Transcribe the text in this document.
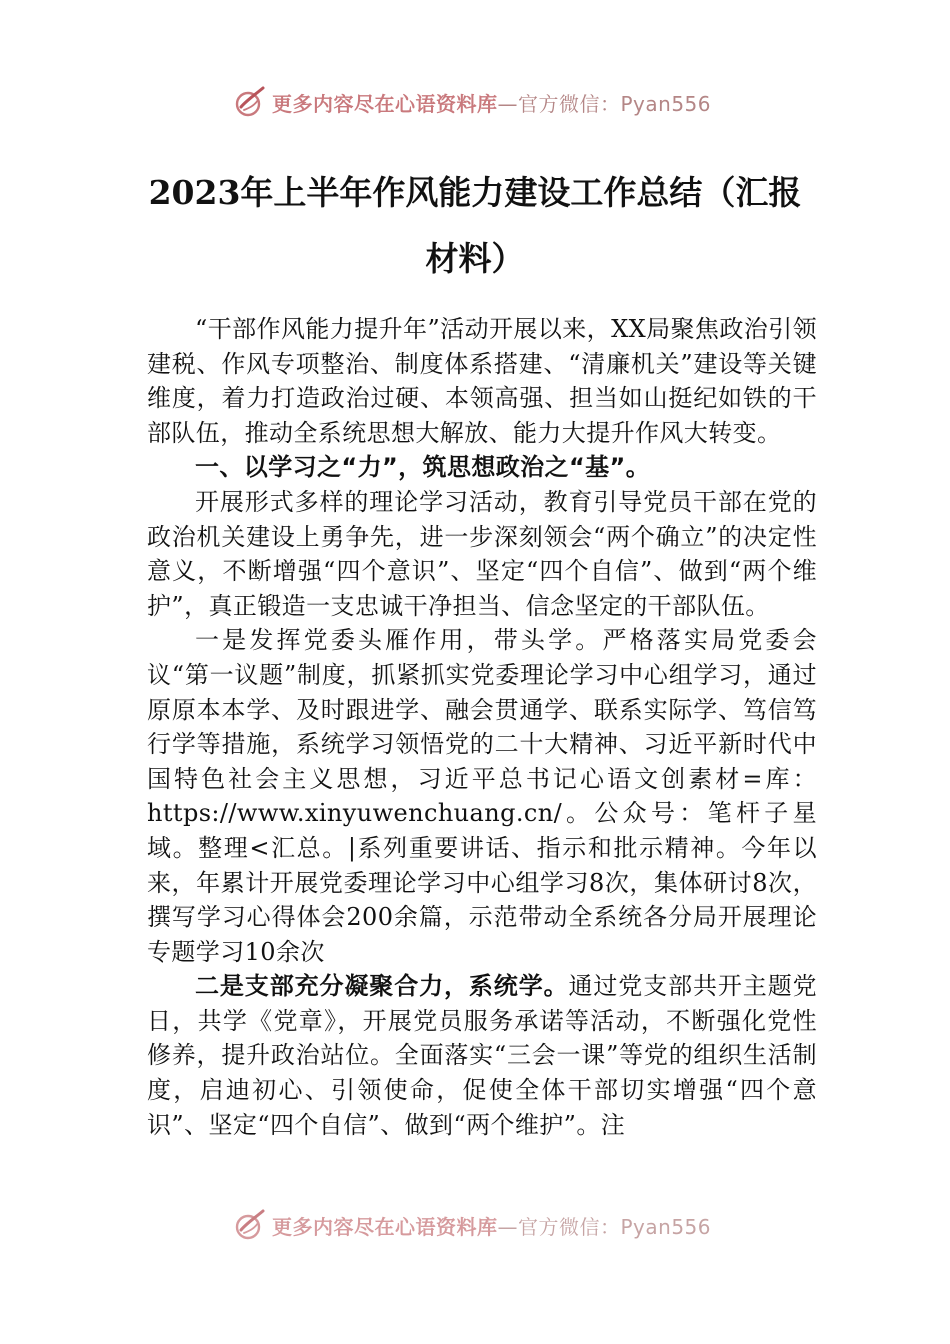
更多内容尽在心语资料库 —官方微信：Pyan556
2023年上半年作风能力建设工作总结（汇报材料）

“干部作风能力提升年”活动开展以来，XX局聚焦政治引领建税、作风专项整治、制度体系搭建、“清廉机关”建设等关键维度，着力打造政治过硬、本领高强、担当如山挺纪如铁的干部队伍，推动全系统思想大解放、能力大提升作风大转变。

一、以学习之“力”，筑思想政治之“基”。

开展形式多样的理论学习活动，教育引导党员干部在党的政治机关建设上勇争先，进一步深刻领会“两个确立”的决定性意义，不断增强“四个意识”、坚定“四个自信”、做到“两个维护”，真正锻造一支忠诚干净担当、信念坚定的干部队伍。

一是发挥党委头雁作用，带头学。严格落实局党委会议“第一议题”制度，抓紧抓实党委理论学习中心组学习，通过原原本本学、及时跟进学、融会贯通学、联系实际学、笃信笃行学等措施，系统学习领悟党的二十大精神、习近平新时代中国特色社会主义思想，习近平总书记心语文创素材=库：https://www.xinyuwenchuang.cn/。公众号：笔杆子星域。整理<汇总。|系列重要讲话、指示和批示精神。今年以来，年累计开展党委理论学习中心组学习8次，集体研讨8次，撰写学习心得体会200余篇，示范带动全系统各分局开展理论专题学习10余次

二是支部充分凝聚合力，系统学。通过党支部共开主题党日，共学《党章》，开展党员服务承诺等活动，不断强化党性修养，提升政治站位。全面落实“三会一课”等党的组织生活制度，启迪初心、引领使命，促使全体干部切实增强“四个意识”、坚定“四个自信”、做到“两个维护”。注

更多内容尽在心语资料库 —官方微信：Pyan556
